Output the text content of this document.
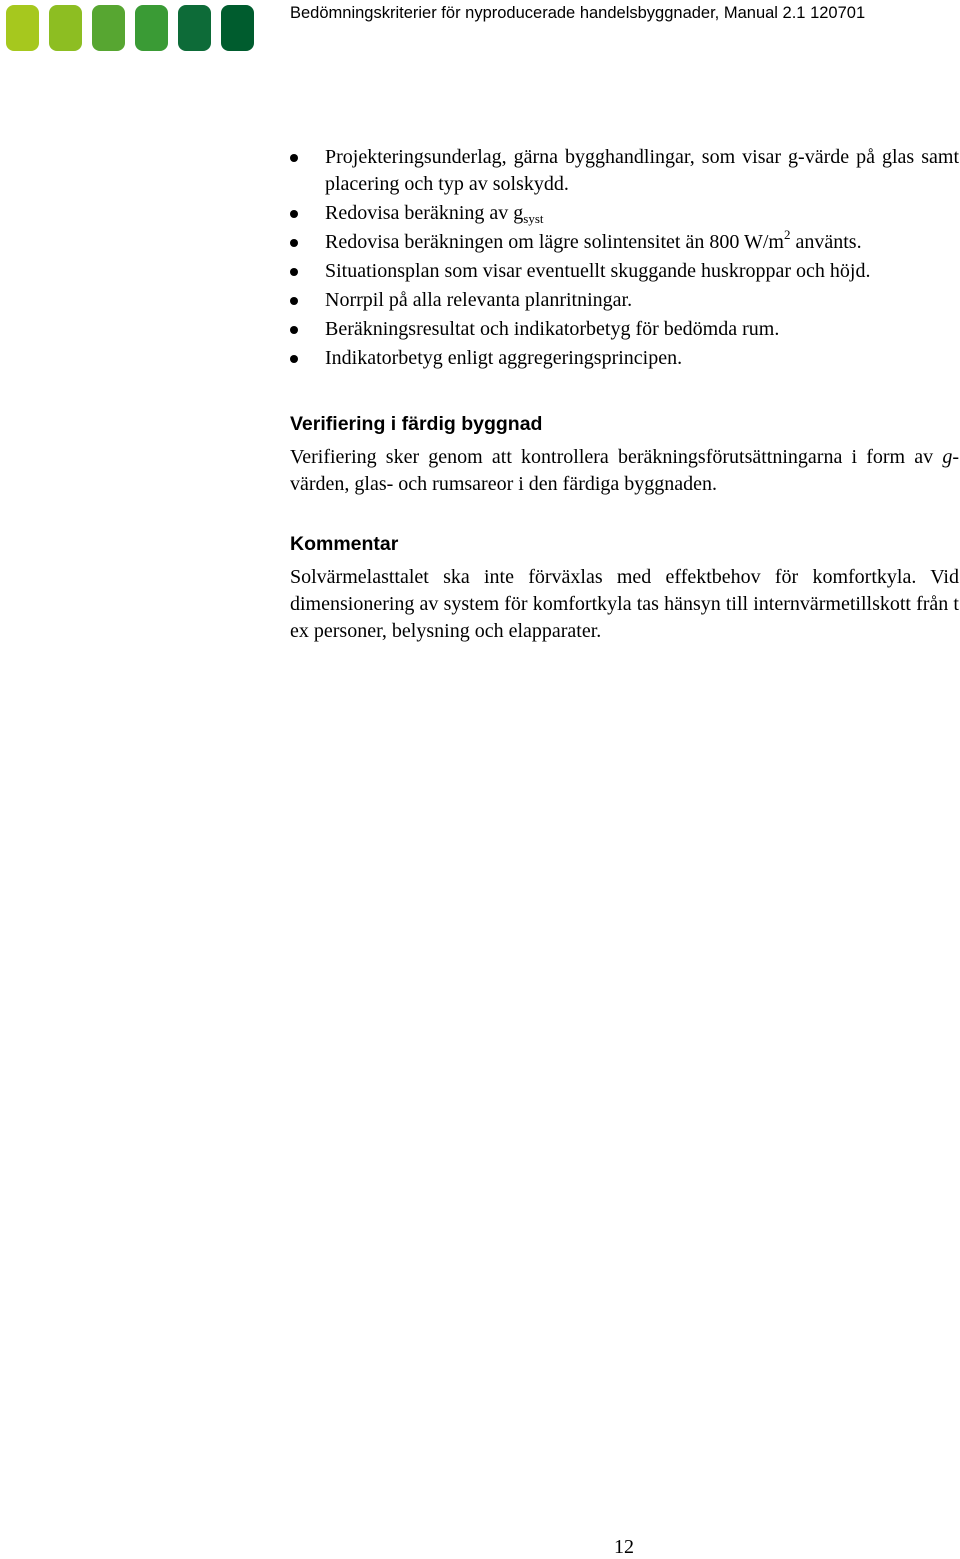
Bedömningskriterier för nyproducerade handelsbyggnader, Manual 2.1 120701
Projekteringsunderlag, gärna bygghandlingar, som visar g-värde på glas samt placering och typ av solskydd.
Redovisa beräkning av $g_{syst}$
Redovisa beräkningen om lägre solintensitet än 800 $W/m^2$ använts.
Situationsplan som visar eventuellt skuggande huskroppar och höjd.
Norrpil på alla relevanta planritningar.
Beräkningsresultat och indikatorbetyg för bedömda rum.
Indikatorbetyg enligt aggregeringsprincipen.
Verifiering i färdig byggnad

Verifiering sker genom att kontrollera beräkningsförutsättningarna i form av g-värden, glas- och rumsareor i den färdiga byggnaden.

Kommentar

Solvärmelasttalet ska inte förväxlas med effektbehov för komfortkyla. Vid dimensionering av system för komfortkyla tas hänsyn till internvärmetillskott från t ex personer, belysning och elapparater.

12
